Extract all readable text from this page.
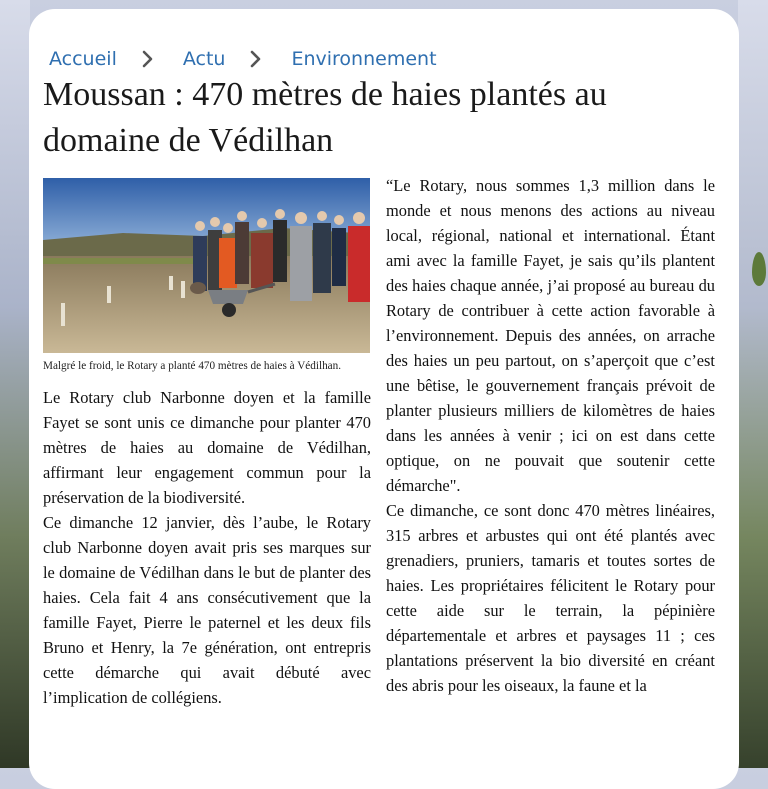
Accueil	Actu	Environnement
Moussan : 470 mètres de haies plantés au domaine de Védilhan
Malgré le froid, le Rotary a planté 470 mètres de haies à Védilhan.

Le Rotary club Narbonne doyen et la famille Fayet se sont unis ce dimanche pour planter 470 mètres de haies au domaine de Védilhan, affirmant leur engagement commun pour la préservation de la biodiversité.

Ce dimanche 12 janvier, dès l’aube, le Rotary club Narbonne doyen avait pris ses marques sur le domaine de Védilhan dans le but de planter des haies. Cela fait 4 ans consécutivement que la famille Fayet, Pierre le paternel et les deux fils Bruno et Henry, la 7e génération, ont entrepris cette démarche qui avait débuté avec l’implication de collégiens.

“Le Rotary, nous sommes 1,3 million dans le monde et nous menons des actions au niveau local, régional, national et international. Étant ami avec la famille Fayet, je sais qu’ils plantent des haies chaque année, j’ai proposé au bureau du Rotary de contribuer à cette action favorable à l’environnement. Depuis des années, on arrache des haies un peu partout, on s’aperçoit que c’est une bêtise, le gouvernement français prévoit de planter plusieurs milliers de kilomètres de haies dans les années à venir ; ici on est dans cette optique, on ne pouvait que soutenir cette démarche".

Ce dimanche, ce sont donc 470 mètres linéaires, 315 arbres et arbustes qui ont été plantés avec grenadiers, pruniers, tamaris et toutes sortes de haies. Les propriétaires félicitent le Rotary pour cette aide sur le terrain, la pépinière départementale et arbres et paysages 11 ; ces plantations préservent la bio diversité en créant des abris pour les oiseaux, la faune et la
